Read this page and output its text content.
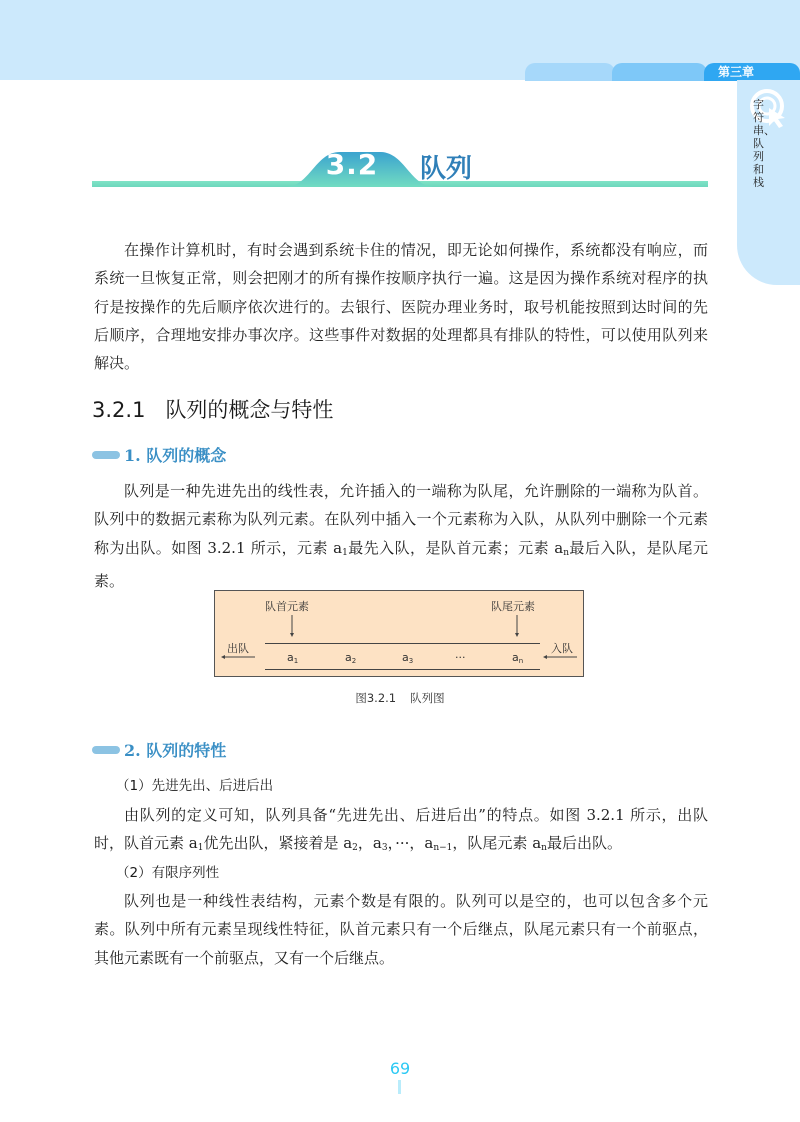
第三章
字符串、队列和栈
3.2 队列

在操作计算机时，有时会遇到系统卡住的情况，即无论如何操作，系统都没有响应，而系统一旦恢复正常，则会把刚才的所有操作按顺序执行一遍。这是因为操作系统对程序的执行是按操作的先后顺序依次进行的。去银行、医院办理业务时，取号机能按照到达时间的先后顺序，合理地安排办事次序。这些事件对数据的处理都具有排队的特性，可以使用队列来解决。

3.2.1 队列的概念与特性
1. 队列的概念

队列是一种先进先出的线性表，允许插入的一端称为队尾，允许删除的一端称为队首。队列中的数据元素称为队列元素。在队列中插入一个元素称为入队，从队列中删除一个元素称为出队。如图 3.2.1 所示，元素 $a_1$最先入队，是队首元素；元素 $a_n$最后入队，是队尾元素。

队首元素	队尾元素
出队	入队
$a_1$	$a_2$	$a_3$	···	$a_n$
图3.2.1 队列图
2. 队列的特性
（1）先进先出、后进后出

由队列的定义可知，队列具备“先进先出、后进后出”的特点。如图 3.2.1 所示，出队时，队首元素 $a_1$优先出队，紧接着是 $a_2$，$a_3$，···，$a_{n-1}$，队尾元素 $a_n$最后出队。

（2）有限序列性

队列也是一种线性表结构，元素个数是有限的。队列可以是空的，也可以包含多个元素。队列中所有元素呈现线性特征，队首元素只有一个后继点，队尾元素只有一个前驱点，其他元素既有一个前驱点，又有一个后继点。

69
